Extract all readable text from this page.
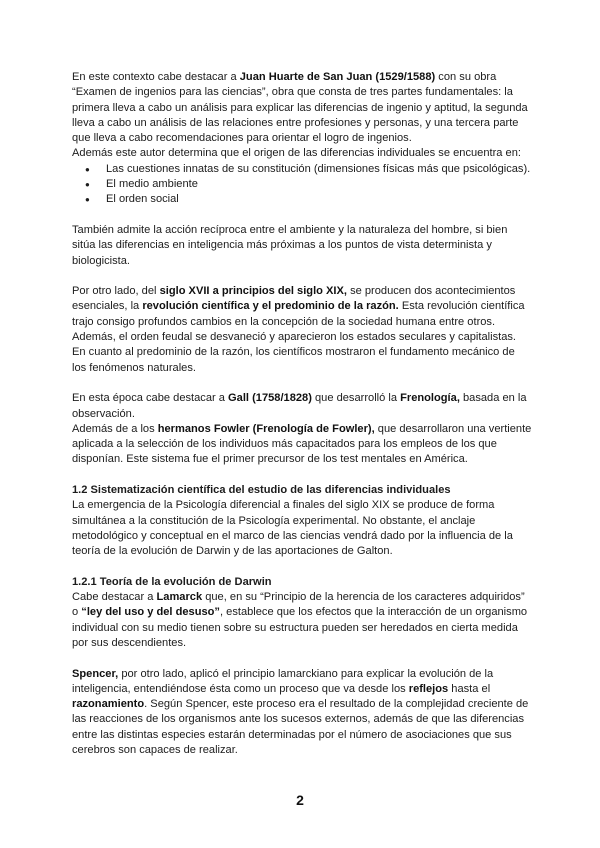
En este contexto cabe destacar a Juan Huarte de San Juan (1529/1588) con su obra “Examen de ingenios para las ciencias”, obra que consta de tres partes fundamentales: la primera lleva a cabo un análisis para explicar las diferencias de ingenio y aptitud, la segunda lleva a cabo un análisis de las relaciones entre profesiones y personas, y una tercera parte que lleva a cabo recomendaciones para orientar el logro de ingenios.

Además este autor determina que el origen de las diferencias individuales se encuentra en:

● Las cuestiones innatas de su constitución (dimensiones físicas más que psicológicas).
● El medio ambiente
● El orden social

También admite la acción recíproca entre el ambiente y la naturaleza del hombre, si bien sitúa las diferencias en inteligencia más próximas a los puntos de vista determinista y biologicista.

Por otro lado, del siglo XVII a principios del siglo XIX, se producen dos acontecimientos esenciales, la revolución científica y el predominio de la razón. Esta revolución científica trajo consigo profundos cambios en la concepción de la sociedad humana entre otros. Además, el orden feudal se desvaneció y aparecieron los estados seculares y capitalistas. En cuanto al predominio de la razón, los científicos mostraron el fundamento mecánico de los fenómenos naturales.

En esta época cabe destacar a Gall (1758/1828) que desarrolló la Frenología, basada en la observación.

Además de a los hermanos Fowler (Frenología de Fowler), que desarrollaron una vertiente aplicada a la selección de los individuos más capacitados para los empleos de los que disponían. Este sistema fue el primer precursor de los test mentales en América.

1.2 Sistematización científica del estudio de las diferencias individuales

La emergencia de la Psicología diferencial a finales del siglo XIX se produce de forma simultánea a la constitución de la Psicología experimental. No obstante, el anclaje metodológico y conceptual en el marco de las ciencias vendrá dado por la influencia de la teoría de la evolución de Darwin y de las aportaciones de Galton.

1.2.1 Teoría de la evolución de Darwin

Cabe destacar a Lamarck que, en su “Principio de la herencia de los caracteres adquiridos” o “ley del uso y del desuso”, establece que los efectos que la interacción de un organismo individual con su medio tienen sobre su estructura pueden ser heredados en cierta medida por sus descendientes.

Spencer, por otro lado, aplicó el principio lamarckiano para explicar la evolución de la inteligencia, entendiéndose ésta como un proceso que va desde los reflejos hasta el razonamiento. Según Spencer, este proceso era el resultado de la complejidad creciente de las reacciones de los organismos ante los sucesos externos, además de que las diferencias entre las distintas especies estarán determinadas por el número de asociaciones que sus cerebros son capaces de realizar.

2
